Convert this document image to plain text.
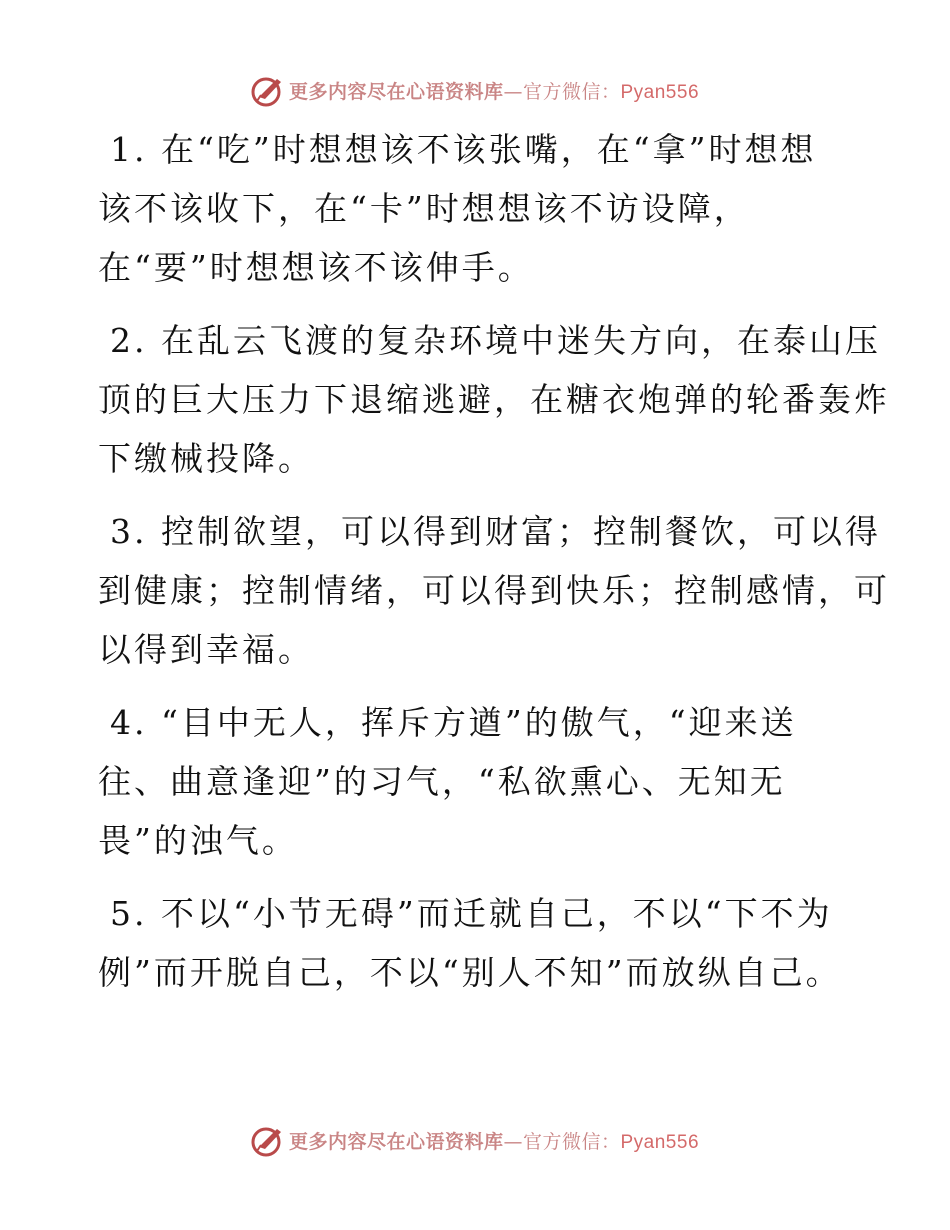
更多内容尽在心语资料库—官方微信：Pyan556

1. 在“吃”时想想该不该张嘴，在“拿”时想想
该不该收下，在“卡”时想想该不访设障，
在“要”时想想该不该伸手。

2. 在乱云飞渡的复杂环境中迷失方向，在泰山压
顶的巨大压力下退缩逃避，在糖衣炮弹的轮番轰炸
下缴械投降。

3. 控制欲望，可以得到财富；控制餐饮，可以得
到健康；控制情绪，可以得到快乐；控制感情，可
以得到幸福。

4. “目中无人，挥斥方遒”的傲气，“迎来送
往、曲意逢迎”的习气，“私欲熏心、无知无
畏”的浊气。

5. 不以“小节无碍”而迁就自己，不以“下不为
例”而开脱自己，不以“别人不知”而放纵自己。

更多内容尽在心语资料库—官方微信：Pyan556
